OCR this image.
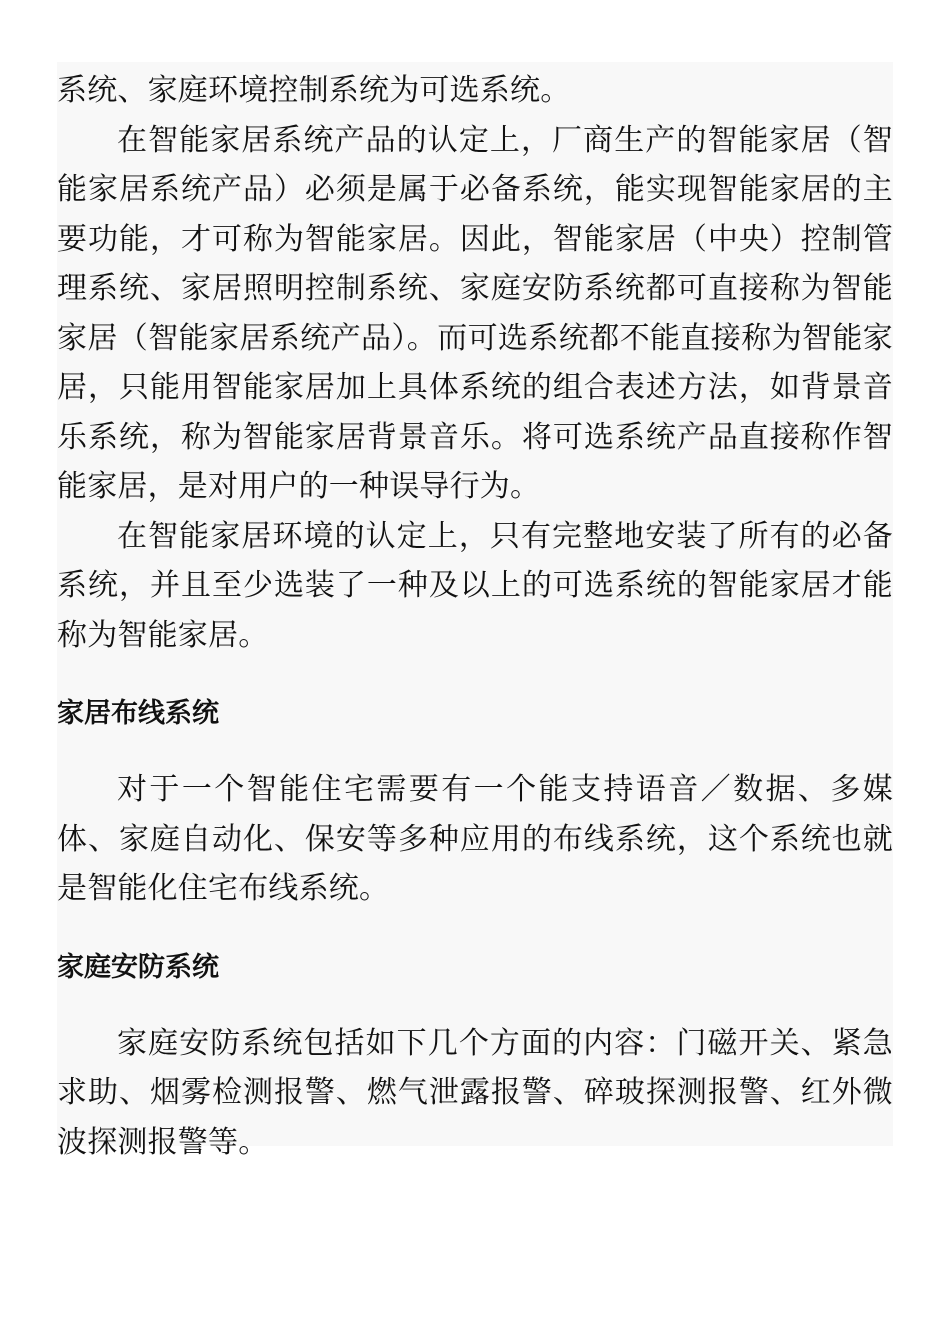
系统、家庭环境控制系统为可选系统。

在智能家居系统产品的认定上，厂商生产的智能家居（智能家居系统产品）必须是属于必备系统，能实现智能家居的主要功能，才可称为智能家居。因此，智能家居（中央）控制管理系统、家居照明控制系统、家庭安防系统都可直接称为智能家居（智能家居系统产品）。而可选系统都不能直接称为智能家居，只能用智能家居加上具体系统的组合表述方法，如背景音乐系统，称为智能家居背景音乐。将可选系统产品直接称作智能家居，是对用户的一种误导行为。

在智能家居环境的认定上，只有完整地安装了所有的必备系统，并且至少选装了一种及以上的可选系统的智能家居才能称为智能家居。

家居布线系统

对于一个智能住宅需要有一个能支持语音／数据、多媒体、家庭自动化、保安等多种应用的布线系统，这个系统也就是智能化住宅布线系统。

家庭安防系统

家庭安防系统包括如下几个方面的内容：门磁开关、紧急求助、烟雾检测报警、燃气泄露报警、碎玻探测报警、红外微波探测报警等。
